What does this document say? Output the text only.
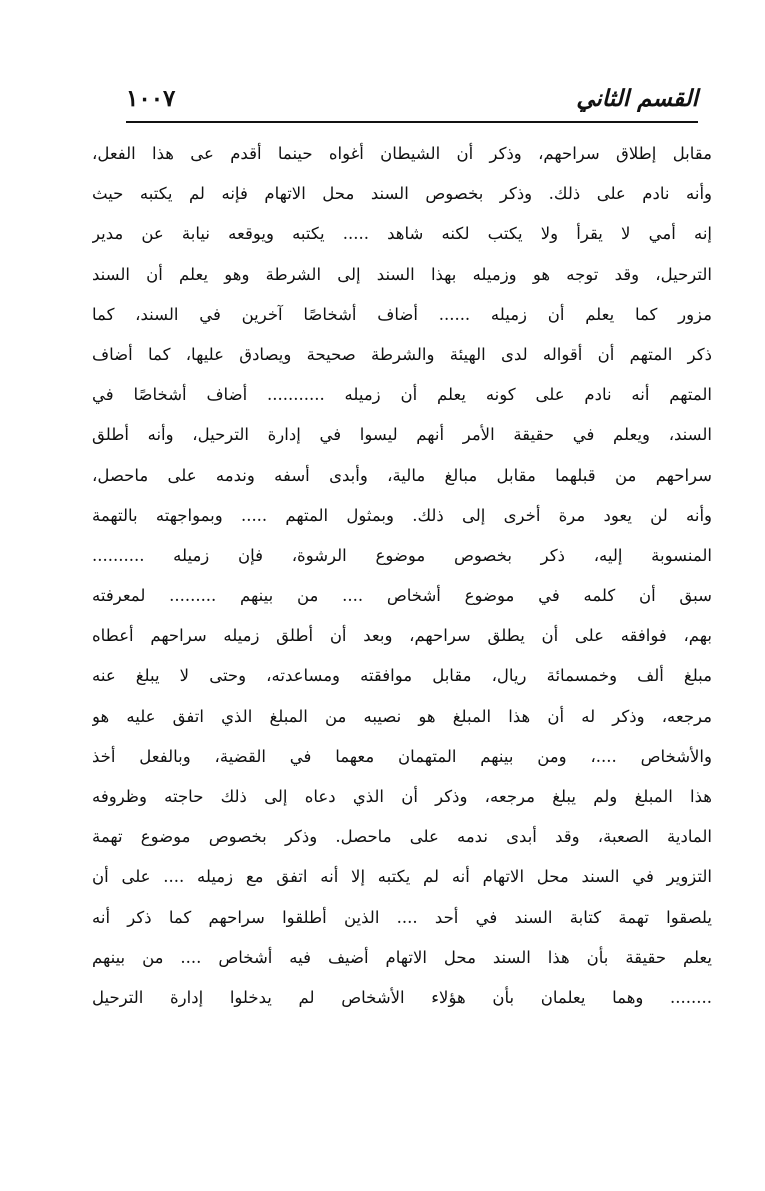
القسم الثاني
١٠٠٧
مقابل إطلاق سراحهم، وذكر أن الشيطان أغواه حينما أقدم عى هذا الفعل،
وأنه نادم على ذلك. وذكر بخصوص السند محل الاتهام فإنه لم يكتبه حيث
إنه أمي لا يقرأ ولا يكتب لكنه شاهد ..... يكتبه ويوقعه نيابة عن مدير
الترحيل، وقد توجه هو وزميله بهذا السند إلى الشرطة وهو يعلم أن السند
مزور كما يعلم أن زميله ...... أضاف أشخاصًا آخرين في السند، كما
ذكر المتهم أن أقواله لدى الهيئة والشرطة صحيحة ويصادق عليها، كما أضاف
المتهم أنه نادم على كونه يعلم أن زميله ........... أضاف أشخاصًا في
السند، ويعلم في حقيقة الأمر أنهم ليسوا في إدارة الترحيل، وأنه أطلق
سراحهم من قبلهما مقابل مبالغ مالية، وأبدى أسفه وندمه على ماحصل،
وأنه لن يعود مرة أخرى إلى ذلك. وبمثول المتهم ..... وبمواجهته بالتهمة
المنسوبة إليه، ذكر بخصوص موضوع الرشوة، فإن زميله ..........
سبق أن كلمه في موضوع أشخاص .... من بينهم ......... لمعرفته
بهم، فوافقه على أن يطلق سراحهم، وبعد أن أطلق زميله سراحهم أعطاه
مبلغ ألف وخمسمائة ريال، مقابل موافقته ومساعدته، وحتى لا يبلغ عنه
مرجعه، وذكر له أن هذا المبلغ هو نصيبه من المبلغ الذي اتفق عليه هو
والأشخاص ....، ومن بينهم المتهمان معهما في القضية، وبالفعل أخذ
هذا المبلغ ولم يبلغ مرجعه، وذكر أن الذي دعاه إلى ذلك حاجته وظروفه
المادية الصعبة، وقد أبدى ندمه على ماحصل. وذكر بخصوص موضوع تهمة
التزوير في السند محل الاتهام أنه لم يكتبه إلا أنه اتفق مع زميله .... على أن
يلصقوا تهمة كتابة السند في أحد .... الذين أطلقوا سراحهم كما ذكر أنه
يعلم حقيقة بأن هذا السند محل الاتهام أضيف فيه أشخاص .... من بينهم
........ وهما يعلمان بأن هؤلاء الأشخاص لم يدخلوا إدارة الترحيل
